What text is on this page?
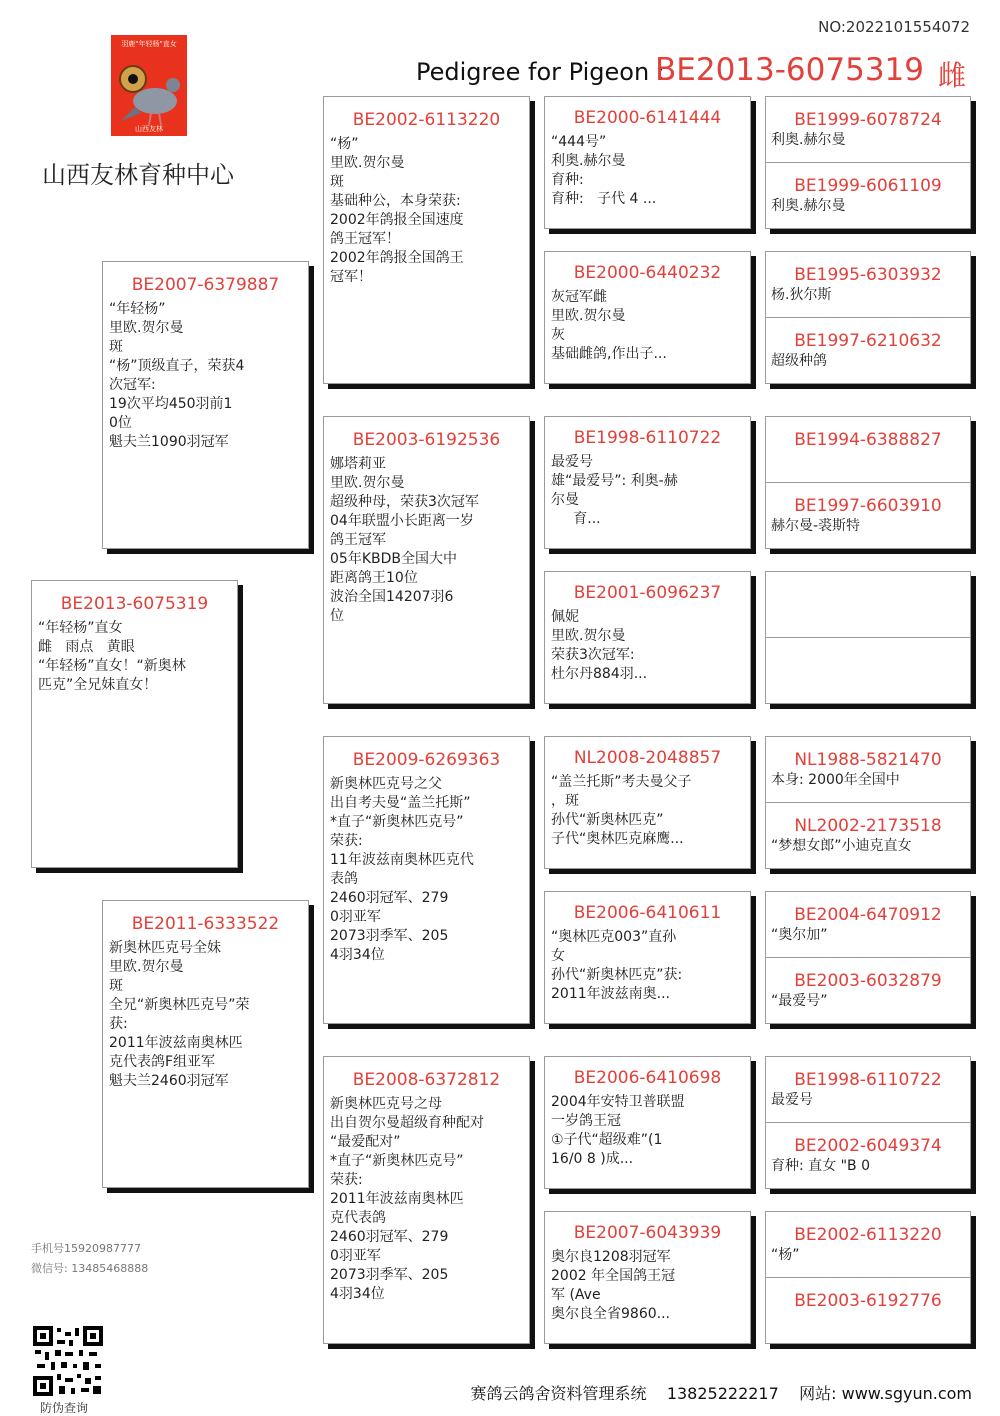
NO:2022101554072
羽鹿"年轻杨"直女
山西友林
Pedigree for Pigeon :
BE2013-6075319 雌
山西友林育种中心
BE2013-6075319
“年轻杨”直女
雌   雨点   黄眼
“年轻杨”直女！“新奥林
匹克”全兄妹直女！
BE2007-6379887
“年轻杨”
里欧.贺尔曼
斑
“杨”顶级直子，荣获4
次冠军:
19次平均450羽前1
0位
魁夫兰1090羽冠军
BE2011-6333522
新奥林匹克号全妹
里欧.贺尔曼
斑
全兄“新奥林匹克号”荣
获:
2011年波兹南奥林匹
克代表鸽F组亚军
魁夫兰2460羽冠军
BE2002-6113220
“杨”
里欧.贺尔曼
斑
基础种公，本身荣获:
2002年鸽报全国速度
鸽王冠军！
2002年鸽报全国鸽王
冠军！
BE2003-6192536
娜塔莉亚
里欧.贺尔曼
超级种母，荣获3次冠军
04年联盟小长距离一岁
鸽王冠军
05年KBDB全国大中
距离鸽王10位
波治全国14207羽6
位
BE2009-6269363
新奥林匹克号之父
出自考夫曼“盖兰托斯”
*直子“新奥林匹克号”
荣获:
11年波兹南奥林匹克代
表鸽
2460羽冠军、279
0羽亚军
2073羽季军、205
4羽34位
BE2008-6372812
新奥林匹克号之母
出自贺尔曼超级育种配对
“最爱配对”
*直子“新奥林匹克号”
荣获:
2011年波兹南奥林匹
克代表鸽
2460羽冠军、279
0羽亚军
2073羽季军、205
4羽34位
BE2000-6141444
“444号”
利奥.赫尔曼
育种:
育种:   子代 4 ...
BE2000-6440232
灰冠军雌
里欧.贺尔曼
灰
基础雌鸽,作出子...
BE1998-6110722
最爱号
雄“最爱号”: 利奥-赫
尔曼
育...
BE2001-6096237
佩妮
里欧.贺尔曼
荣获3次冠军:
杜尔丹884羽...
NL2008-2048857
“盖兰托斯”考夫曼父子
，斑
孙代“新奥林匹克”
子代“奥林匹克麻鹰...
BE2006-6410611
“奥林匹克003”直孙
女
孙代“新奥林匹克”获:
2011年波兹南奥...
BE2006-6410698
2004年安特卫普联盟
一岁鸽王冠
①子代“超级难”(1
16/0 8 )成...
BE2007-6043939
奥尔良1208羽冠军
2002 年全国鸽王冠
军 (Ave
奥尔良全省9860...
BE1999-6078724
利奥.赫尔曼
BE1999-6061109
利奥.赫尔曼
BE1995-6303932
杨.狄尔斯
BE1997-6210632
超级种鸽
BE1994-6388827
BE1997-6603910
赫尔曼-裘斯特
NL1988-5821470
本身: 2000年全国中
NL2002-2173518
“梦想女郎”小迪克直女
BE2004-6470912
“奥尔加”
BE2003-6032879
“最爱号”
BE1998-6110722
最爱号
BE2002-6049374
育种: 直女 "B 0
BE2002-6113220
“杨”
BE2003-6192776
手机号15920987777
微信号: 13485468888
防伪查询
赛鸽云鸽舍资料管理系统    13825222217    网站: www.sgyun.com
